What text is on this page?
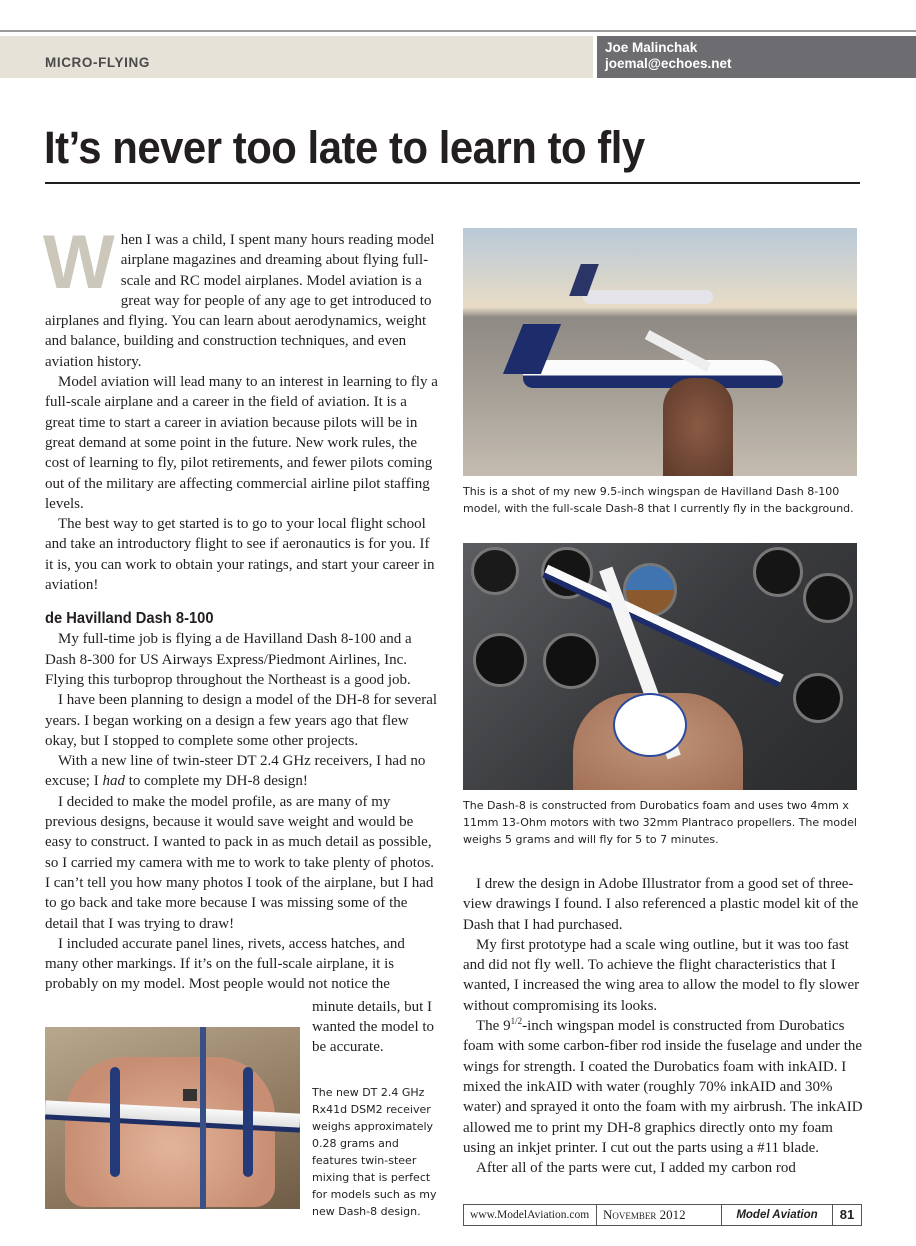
MICRO-FLYING
Joe Malinchak
joemal@echoes.net
It’s never too late to learn to fly

When I was a child, I spent many hours reading model airplane magazines and dreaming about flying full-scale and RC model airplanes. Model aviation is a great way for people of any age to get introduced to airplanes and flying. You can learn about aerodynamics, weight and balance, building and construction techniques, and even aviation history.

Model aviation will lead many to an interest in learning to fly a full-scale airplane and a career in the field of aviation. It is a great time to start a career in aviation because pilots will be in great demand at some point in the future. New work rules, the cost of learning to fly, pilot retirements, and fewer pilots coming out of the military are affecting commercial airline pilot staffing levels.

The best way to get started is to go to your local flight school and take an introductory flight to see if aeronautics is for you. If it is, you can work to obtain your ratings, and start your career in aviation!

de Havilland Dash 8-100

My full-time job is flying a de Havilland Dash 8-100 and a Dash 8-300 for US Airways Express/Piedmont Airlines, Inc. Flying this turboprop throughout the Northeast is a good job.

I have been planning to design a model of the DH-8 for several years. I began working on a design a few years ago that flew okay, but I stopped to complete some other projects.

With a new line of twin-steer DT 2.4 GHz receivers, I had no excuse; I had to complete my DH-8 design!

I decided to make the model profile, as are many of my previous designs, because it would save weight and would be easy to construct. I wanted to pack in as much detail as possible, so I carried my camera with me to work to take plenty of photos. I can’t tell you how many photos I took of the airplane, but I had to go back and take more because I was missing some of the detail that I was trying to draw!

I included accurate panel lines, rivets, access hatches, and many other markings. If it’s on the full-scale airplane, it is probably on my model. Most people would not notice the

minute details, but I wanted the model to be accurate.

The new DT 2.4 GHz Rx41d DSM2 receiver weighs approximately 0.28 grams and features twin-steer mixing that is perfect for models such as my new Dash-8 design.
This is a shot of my new 9.5-inch wingspan de Havilland Dash 8-100 model, with the full-scale Dash-8 that I currently fly in the background.
The Dash-8 is constructed from Durobatics foam and uses two 4mm x 11mm 13-Ohm motors with two 32mm Plantraco propellers. The model weighs 5 grams and will fly for 5 to 7 minutes.

I drew the design in Adobe Illustrator from a good set of three-view drawings I found. I also referenced a plastic model kit of the Dash that I had purchased.

My first prototype had a scale wing outline, but it was too fast and did not fly well. To achieve the flight characteristics that I wanted, I increased the wing area to allow the model to fly slower without compromising its looks.

The $9^{1/2}$-inch wingspan model is constructed from Durobatics foam with some carbon-fiber rod inside the fuselage and under the wings for strength. I coated the Durobatics foam with inkAID. I mixed the inkAID with water (roughly 70% inkAID and 30% water) and sprayed it onto the foam with my airbrush. The inkAID allowed me to print my DH-8 graphics directly onto my foam using an inkjet printer. I cut out the parts using a #11 blade.

After all of the parts were cut, I added my carbon rod

www.ModelAviation.com	November 2012	Model Aviation	81
